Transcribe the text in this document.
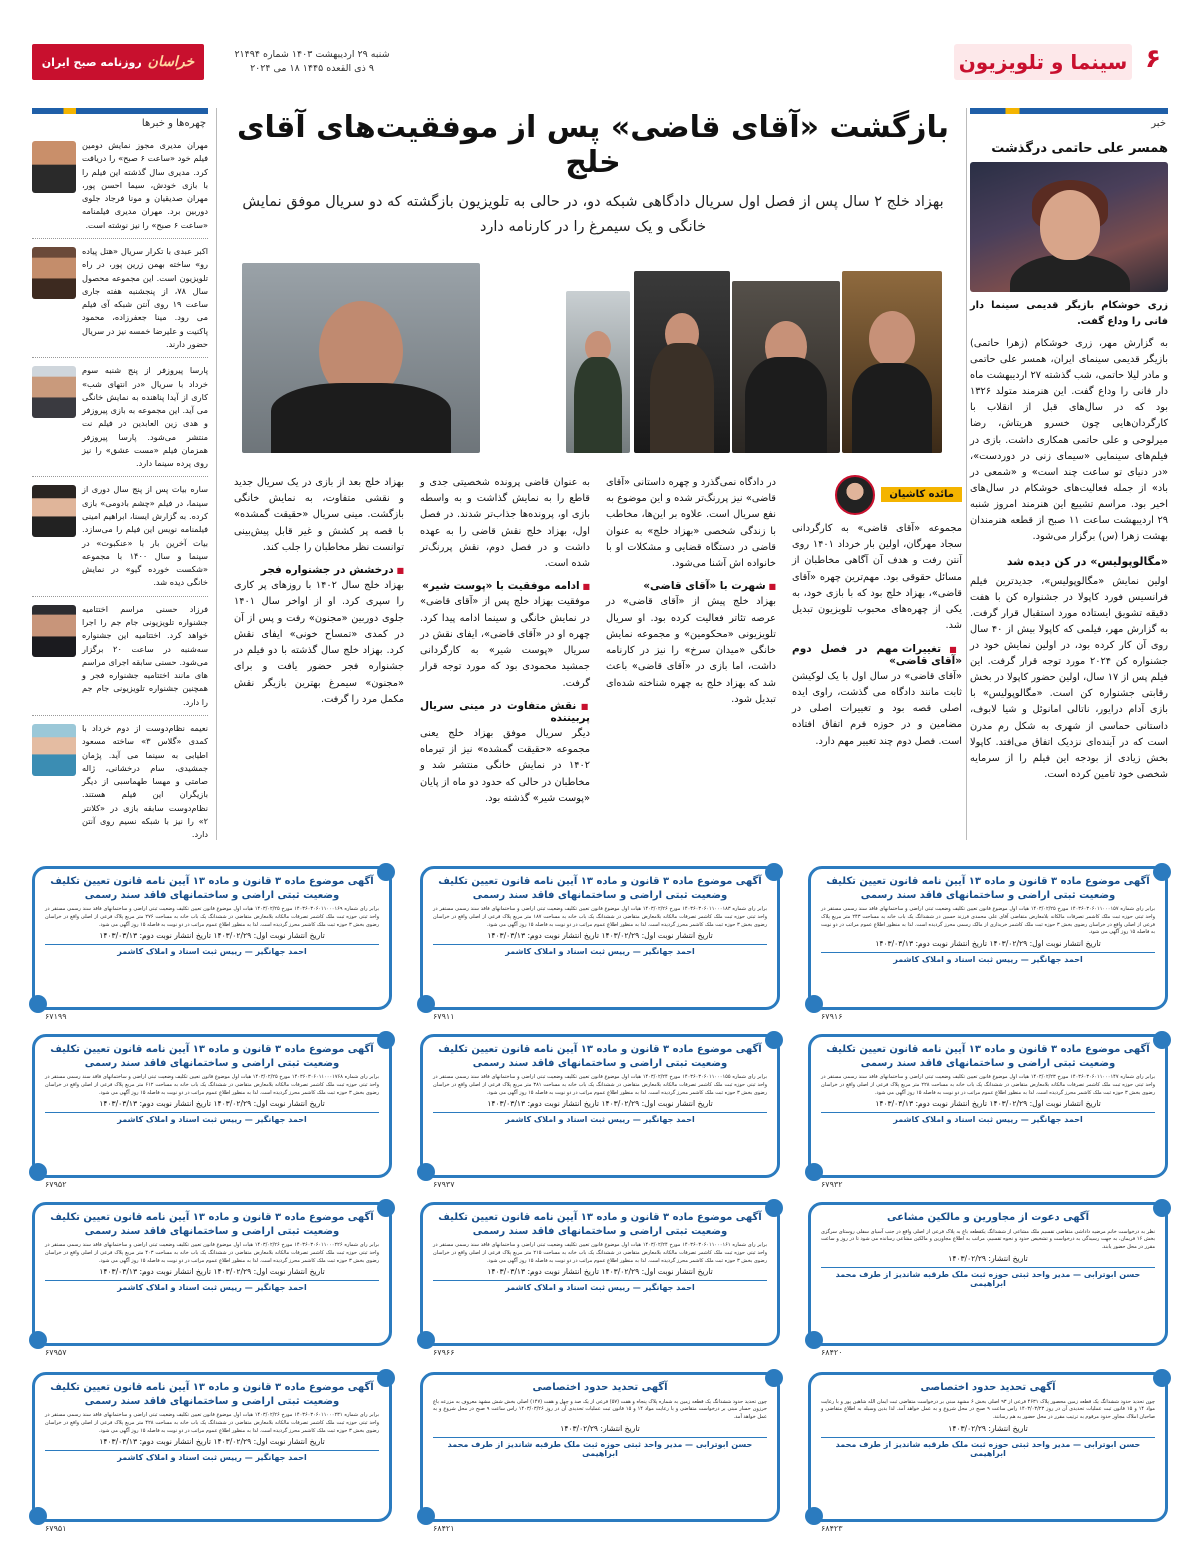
۶
سینما و تلویزیون
شنبه ۲۹ اردیبهشت ۱۴۰۳ شماره ۲۱۴۹۴
۹ ذی القعده ۱۴۴۵ ۱۸ می ۲۰۲۴
خراسان
روزنامه صبح ایران
چهره‌ها و خبرها

مهران مدیری مجوز نمایش دومین فیلم خود «ساعت ۶ صبح» را دریافت کرد. مدیری سال گذشته این فیلم را با بازی خودش، سیما احسن پور، مهران صدیقیان و مونا فرجاد جلوی دوربین برد. مهران مدیری فیلمنامه «ساعت ۶ صبح» را نیز نوشته است.

اکبر عبدی با تکرار سریال «هتل پیاده رو» ساخته بهمن زرین پور، در راه تلویزیون است. این مجموعه محصول سال ۷۸، از پنجشنبه هفته جاری ساعت ۱۹ روی آنتن شبکه آی فیلم می رود. مینا جعفرزاده، محمود پاکنیت و علیرضا خمسه نیز در سریال حضور دارند.

پارسا پیروزفر از پنج شنبه سوم خرداد با سریال «در انتهای شب» کاری از آیدا پناهنده به نمایش خانگی می آید. این مجموعه به بازی پیروزفر و هدی زین العابدین در فیلم نت منتشر می‌شود. پارسا پیروزفر همزمان فیلم «مست عشق» را نیز روی پرده سینما دارد.

ساره بیات پس از پنج سال دوری از سینما، در فیلم «چشم بادومی» بازی کرده. به گزارش ایسنا، ابراهیم امینی فیلمنامه نویس این فیلم را می‌سازد. بیات آخرین بار با «عنکبوت» در سینما و سال ۱۴۰۰ با مجموعه «شکست خورده گیو» در نمایش خانگی دیده شد.

فرزاد حسنی مراسم اختتامیه جشنواره تلویزیونی جام جم را اجرا خواهد کرد. اختتامیه این جشنواره سه‌شنبه در ساعت ۲۰ برگزار می‌شود. حسنی سابقه اجرای مراسم های مانند اختتامیه جشنواره فجر و همچنین جشنواره تلویزیونی جام جم را دارد.

نعیمه نظام‌دوست از دوم خرداد با کمدی «گلاس ۳» ساخته مسعود اطیابی به سینما می آید. پژمان جمشیدی، سام درخشانی، ژاله صامتی و مهسا طهماسبی از دیگر بازیگران این فیلم هستند. نظام‌دوست سابقه بازی در «کلانتر ۲» را نیز با شبکه نسیم روی آنتن دارد.

خبر
همسر علی حاتمی درگذشت
زری خوشکام بازیگر قدیمی سینما دار فانی را وداع گفت.
به گزارش مهر، زری خوشکام (زهرا حاتمی) بازیگر قدیمی سینمای ایران، همسر علی حاتمی و مادر لیلا حاتمی، شب گذشته ۲۷ اردیبهشت ماه دار فانی را وداع گفت. این هنرمند متولد ۱۳۲۶ بود که در سال‌های قبل از انقلاب با کارگردان‌هایی چون خسرو هریتاش، رضا میرلوحی و علی حاتمی همکاری داشت. بازی در فیلم‌های سینمایی «سیمای زنی در دوردست»، «در دنیای تو ساعت چند است» و «شمعی در باد» از جمله فعالیت‌های خوشکام در سال‌های اخیر بود. مراسم تشییع این هنرمند امروز شنبه ۲۹ اردیبهشت ساعت ۱۱ صبح از قطعه هنرمندان بهشت زهرا (س) برگزار می‌شود.
«مگالوپولیس» در کن دیده شد
اولین نمایش «مگالوپولیس»، جدیدترین فیلم فرانسیس فورد کاپولا در جشنواره کن با هفت دقیقه تشویق ایستاده مورد استقبال قرار گرفت. به گزارش مهر، فیلمی که کاپولا بیش از ۴۰ سال روی آن کار کرده بود، در اولین نمایش خود در جشنواره کن ۲۰۲۴ مورد توجه قرار گرفت. این فیلم پس از ۱۷ سال، اولین حضور کاپولا در بخش رقابتی جشنواره کن است. «مگالوپولیس» با بازی آدام درایور، ناتالی امانوئل و شیا لابوف، داستانی حماسی از شهری به شکل رم مدرن است که در آینده‌ای نزدیک اتفاق می‌افتد. کاپولا بخش زیادی از بودجه این فیلم را از سرمایه شخصی خود تامین کرده است.
بازگشت «آقای قاضی» پس از موفقیت‌های آقای خلج
بهزاد خلج ۲ سال پس از فصل اول سریال دادگاهی شبکه دو، در حالی به تلویزیون بازگشته که دو سریال موفق نمایش خانگی و یک سیمرغ را در کارنامه دارد
مائده کاشیان

مجموعه «آقای قاضی» به کارگردانی سجاد مهرگان، اولین بار خرداد ۱۴۰۱ روی آنتن رفت و هدف آن آگاهی مخاطبان از مسائل حقوقی بود. مهم‌ترین چهره «آقای قاضی»، بهزاد خلج بود که با بازی خود، به یکی از چهره‌های محبوب تلویزیون تبدیل شد.

■ تغییرات مهم در فصل دوم «آقای قاضی»

«آقای قاضی» در سال اول با یک لوکیشن ثابت مانند دادگاه می گذشت، راوی ایده اصلی قصه بود و تغییرات اصلی در مضامین و در حوزه فرم اتفاق افتاده است. فصل دوم چند تغییر مهم دارد.

در دادگاه نمی‌گذرد و چهره داستانی «آقای قاضی» نیز پررنگ‌تر شده و این موضوع به نفع سریال است. علاوه بر این‌ها، مخاطب با زندگی شخصی «بهزاد خلج» به عنوان قاضی در دستگاه قضایی و مشکلات او با خانواده اش آشنا می‌شود.

■ شهرت با «آقای قاضی»

بهزاد خلج پیش از «آقای قاضی» در عرصه تئاتر فعالیت کرده بود. او سریال تلویزیونی «محکومین» و مجموعه نمایش خانگی «میدان سرخ» را نیز در کارنامه داشت، اما بازی در «آقای قاضی» باعث شد که بهزاد خلج به چهره شناخته شده‌ای تبدیل شود.

به عنوان قاضی پرونده شخصیتی جدی و قاطع را به نمایش گذاشت و به واسطه بازی او، پرونده‌ها جذاب‌تر شدند. در فصل اول، بهزاد خلج نقش قاضی را به عهده داشت و در فصل دوم، نقش پررنگ‌تر شده است.

■ ادامه موفقیت با «پوست شیر»

موفقیت بهزاد خلج پس از «آقای قاضی» در نمایش خانگی و سینما ادامه پیدا کرد. چهره او در «آقای قاضی»، ایفای نقش در سریال «پوست شیر» به کارگردانی جمشید محمودی بود که مورد توجه قرار گرفت.

■ نقش متفاوت در مینی سریال پربیننده

دیگر سریال موفق بهزاد خلج یعنی مجموعه «حقیقت گمشده» نیز از تیرماه ۱۴۰۲ در نمایش خانگی منتشر شد و مخاطبان در حالی که حدود دو ماه از پایان «پوست شیر» گذشته بود.

بهزاد خلج بعد از بازی در یک سریال جدید و نقشی متفاوت، به نمایش خانگی بازگشت. مینی سریال «حقیقت گمشده» با قصه پر کشش و غیر قابل پیش‌بینی توانست نظر مخاطبان را جلب کند.

■ درخشش در جشنواره فجر

بهزاد خلج سال ۱۴۰۲ با روزهای پر کاری را سپری کرد. او از اواخر سال ۱۴۰۱ جلوی دوربین «مجنون» رفت و پس از آن در کمدی «تمساح خونی» ایفای نقش کرد. بهزاد خلج سال گذشته با دو فیلم در جشنواره فجر حضور یافت و برای «مجنون» سیمرغ بهترین بازیگر نقش مکمل مرد را گرفت.

آگهی موضوع ماده ۳ قانون و ماده ۱۳ آیین نامه قانون تعیین تکلیف وضعیت ثبتی اراضی و ساختمانهای فاقد سند رسمی
برابر رای شماره ۱۴۰۳۶۰۳۰۶۰۱۱۰۰۰۱۵۷ مورخ ۱۴۰۳/۰۲/۲۵ هیات اول موضوع قانون تعیین تکلیف وضعیت ثبتی اراضی و ساختمانهای فاقد سند رسمی مستقر در واحد ثبتی حوزه ثبت ملک کاشمر تصرفات مالکانه بلامعارض متقاضی آقای علی محمدی فرزند حسین در ششدانگ یک باب خانه به مساحت ۲۴۳ متر مربع پلاک فرعی از اصلی واقع در خراسان رضوی بخش ۳ حوزه ثبت ملک کاشمر خریداری از مالک رسمی محرز گردیده است. لذا به منظور اطلاع عموم مراتب در دو نوبت به فاصله ۱۵ روز آگهی می شود.
تاریخ انتشار نوبت اول: ۱۴۰۳/۰۲/۲۹ تاریخ انتشار نوبت دوم: ۱۴۰۳/۰۳/۱۳
احمد جهانگیر — رییس ثبت اسناد و املاک کاشمر
۶۷۹۱۶
آگهی موضوع ماده ۳ قانون و ماده ۱۳ آیین نامه قانون تعیین تکلیف وضعیت ثبتی اراضی و ساختمانهای فاقد سند رسمی
برابر رای شماره ۱۴۰۳۶۰۳۰۶۰۱۱۰۰۰۱۸۳ مورخ ۱۴۰۳/۰۲/۲۶ هیات اول موضوع قانون تعیین تکلیف وضعیت ثبتی اراضی و ساختمانهای فاقد سند رسمی مستقر در واحد ثبتی حوزه ثبت ملک کاشمر تصرفات مالکانه بلامعارض متقاضی در ششدانگ یک باب خانه به مساحت ۱۸۷ متر مربع پلاک فرعی از اصلی واقع در خراسان رضوی بخش ۳ حوزه ثبت ملک کاشمر محرز گردیده است. لذا به منظور اطلاع عموم مراتب در دو نوبت به فاصله ۱۵ روز آگهی می شود.
تاریخ انتشار نوبت اول: ۱۴۰۳/۰۲/۲۹ تاریخ انتشار نوبت دوم: ۱۴۰۳/۰۳/۱۳
احمد جهانگیر — رییس ثبت اسناد و املاک کاشمر
۶۷۹۱۱
آگهی موضوع ماده ۳ قانون و ماده ۱۳ آیین نامه قانون تعیین تکلیف وضعیت ثبتی اراضی و ساختمانهای فاقد سند رسمی
برابر رای شماره ۱۴۰۳۶۰۳۰۶۰۱۱۰۰۰۱۶۹ مورخ ۱۴۰۳/۰۲/۲۵ هیات اول موضوع قانون تعیین تکلیف وضعیت ثبتی اراضی و ساختمانهای فاقد سند رسمی مستقر در واحد ثبتی حوزه ثبت ملک کاشمر تصرفات مالکانه بلامعارض متقاضی در ششدانگ یک باب خانه به مساحت ۲۷۶ متر مربع پلاک فرعی از اصلی واقع در خراسان رضوی بخش ۳ حوزه ثبت ملک کاشمر محرز گردیده است. لذا به منظور اطلاع عموم مراتب در دو نوبت به فاصله ۱۵ روز آگهی می شود.
تاریخ انتشار نوبت اول: ۱۴۰۳/۰۲/۲۹ تاریخ انتشار نوبت دوم: ۱۴۰۳/۰۳/۱۳
احمد جهانگیر — رییس ثبت اسناد و املاک کاشمر
۶۷۱۹۹
آگهی موضوع ماده ۳ قانون و ماده ۱۳ آیین نامه قانون تعیین تکلیف وضعیت ثبتی اراضی و ساختمانهای فاقد سند رسمی
برابر رای شماره ۱۴۰۳۶۰۳۰۶۰۱۱۰۰۰۱۴۷ مورخ ۱۴۰۳/۰۲/۲۳ هیات اول موضوع قانون تعیین تکلیف وضعیت ثبتی اراضی و ساختمانهای فاقد سند رسمی مستقر در واحد ثبتی حوزه ثبت ملک کاشمر تصرفات مالکانه بلامعارض متقاضی در ششدانگ یک باب خانه به مساحت ۲۲۸ متر مربع پلاک فرعی از اصلی واقع در خراسان رضوی بخش ۳ حوزه ثبت ملک کاشمر محرز گردیده است. لذا به منظور اطلاع عموم مراتب در دو نوبت به فاصله ۱۵ روز آگهی می شود.
تاریخ انتشار نوبت اول: ۱۴۰۳/۰۲/۲۹ تاریخ انتشار نوبت دوم: ۱۴۰۳/۰۳/۱۳
احمد جهانگیر — رییس ثبت اسناد و املاک کاشمر
۶۷۹۳۲
آگهی موضوع ماده ۳ قانون و ماده ۱۳ آیین نامه قانون تعیین تکلیف وضعیت ثبتی اراضی و ساختمانهای فاقد سند رسمی
برابر رای شماره ۱۴۰۳۶۰۳۰۶۰۱۱۰۰۰۱۵۵ مورخ ۱۴۰۳/۰۲/۲۴ هیات اول موضوع قانون تعیین تکلیف وضعیت ثبتی اراضی و ساختمانهای فاقد سند رسمی مستقر در واحد ثبتی حوزه ثبت ملک کاشمر تصرفات مالکانه بلامعارض متقاضی در ششدانگ یک باب خانه به مساحت ۳۸۱ متر مربع پلاک فرعی از اصلی واقع در خراسان رضوی بخش ۳ حوزه ثبت ملک کاشمر محرز گردیده است. لذا به منظور اطلاع عموم مراتب در دو نوبت به فاصله ۱۵ روز آگهی می شود.
تاریخ انتشار نوبت اول: ۱۴۰۳/۰۲/۲۹ تاریخ انتشار نوبت دوم: ۱۴۰۳/۰۳/۱۳
احمد جهانگیر — رییس ثبت اسناد و املاک کاشمر
۶۷۹۳۷
آگهی موضوع ماده ۳ قانون و ماده ۱۳ آیین نامه قانون تعیین تکلیف وضعیت ثبتی اراضی و ساختمانهای فاقد سند رسمی
برابر رای شماره ۱۴۰۳۶۰۳۰۶۰۱۱۰۰۰۱۷۶۸ مورخ ۱۴۰۳/۰۲/۲۵ هیات اول موضوع قانون تعیین تکلیف وضعیت ثبتی اراضی و ساختمانهای فاقد سند رسمی مستقر در واحد ثبتی حوزه ثبت ملک کاشمر تصرفات مالکانه بلامعارض متقاضی در ششدانگ یک باب خانه به مساحت ۶۱۲ متر مربع پلاک فرعی از اصلی واقع در خراسان رضوی بخش ۳ حوزه ثبت ملک کاشمر محرز گردیده است. لذا به منظور اطلاع عموم مراتب در دو نوبت به فاصله ۱۵ روز آگهی می شود.
تاریخ انتشار نوبت اول: ۱۴۰۳/۰۲/۲۹ تاریخ انتشار نوبت دوم: ۱۴۰۳/۰۳/۱۳
احمد جهانگیر — رییس ثبت اسناد و املاک کاشمر
۶۷۹۵۲
آگهی دعوت از مجاورین و مالکین مشاعی
نظر به درخواست خانم مرضیه داداشی متقاضی تقسیم ملک مشاعی از ششدانگ یکقطعه باغ به پلاک فرعی از اصلی واقع در جنب آسیای سفلی روستای سرگزی بخش ۱۶ فریمان، به جهت رسیدگی به درخواست و تشخیص حدود و نحوه تقسیم، مراتب به اطلاع مجاورین و مالکین مشاعی رسانده می شود تا در روز و ساعت مقرر در محل حضور یابند.
تاریخ انتشار: ۱۴۰۳/۰۲/۲۹
حسن ابوترابی — مدیر واحد ثبتی حوزه ثبت ملک طرقبه شاندیز از طرف محمد ابراهیمی
۶۸۴۲۰
آگهی موضوع ماده ۳ قانون و ماده ۱۳ آیین نامه قانون تعیین تکلیف وضعیت ثبتی اراضی و ساختمانهای فاقد سند رسمی
برابر رای شماره ۱۴۰۳۶۰۳۰۶۰۱۱۰۰۰۱۶۱ مورخ ۱۴۰۳/۰۲/۲۴ هیات اول موضوع قانون تعیین تکلیف وضعیت ثبتی اراضی و ساختمانهای فاقد سند رسمی مستقر در واحد ثبتی حوزه ثبت ملک کاشمر تصرفات مالکانه بلامعارض متقاضی در ششدانگ یک باب خانه به مساحت ۲۱۵ متر مربع پلاک فرعی از اصلی واقع در خراسان رضوی بخش ۳ حوزه ثبت ملک کاشمر محرز گردیده است. لذا به منظور اطلاع عموم مراتب در دو نوبت به فاصله ۱۵ روز آگهی می شود.
تاریخ انتشار نوبت اول: ۱۴۰۳/۰۲/۲۹ تاریخ انتشار نوبت دوم: ۱۴۰۳/۰۳/۱۳
احمد جهانگیر — رییس ثبت اسناد و املاک کاشمر
۶۷۹۶۶
آگهی موضوع ماده ۳ قانون و ماده ۱۳ آیین نامه قانون تعیین تکلیف وضعیت ثبتی اراضی و ساختمانهای فاقد سند رسمی
برابر رای شماره ۱۴۰۳۶۰۳۰۶۰۱۱۰۰۰۲۲۶ مورخ ۱۴۰۳/۰۲/۲۶ هیات اول موضوع قانون تعیین تکلیف وضعیت ثبتی اراضی و ساختمانهای فاقد سند رسمی مستقر در واحد ثبتی حوزه ثبت ملک کاشمر تصرفات مالکانه بلامعارض متقاضی در ششدانگ یک باب خانه به مساحت ۴۰۳ متر مربع پلاک فرعی از اصلی واقع در خراسان رضوی بخش ۳ حوزه ثبت ملک کاشمر محرز گردیده است. لذا به منظور اطلاع عموم مراتب در دو نوبت به فاصله ۱۵ روز آگهی می شود.
تاریخ انتشار نوبت اول: ۱۴۰۳/۰۲/۲۹ تاریخ انتشار نوبت دوم: ۱۴۰۳/۰۳/۱۳
احمد جهانگیر — رییس ثبت اسناد و املاک کاشمر
۶۷۹۵۷
آگهی تحدید حدود اختصاصی
چون تحدید حدود ششدانگ یک قطعه زمین محصور پلاک ۴۶۳۱ فرعی از ۹۳ اصلی بخش ۶ مشهد مبنی بر درخواست متقاضی ثبت ایمان الله شاهین پور و با رعایت مواد ۱۴ و ۱۵ قانون ثبت عملیات تحدیدی آن در روز ۱۴۰۳/۰۳/۲۳ راس ساعت ۹ صبح در محل شروع و به عمل خواهد آمد. لذا بدین وسیله به اطلاع متقاضی و صاحبان املاک مجاور حدود مرقوم به ترتیب مقرر در محل حضور به هم رسانند.
تاریخ انتشار: ۱۴۰۳/۰۲/۲۹
حسن ابوترابی — مدیر واحد ثبتی حوزه ثبت ملک طرقبه شاندیز از طرف محمد ابراهیمی
۶۸۴۲۳
آگهی تحدید حدود اختصاصی
چون تحدید حدود ششدانگ یک قطعه زمین به شماره پلاک پنجاه و هفت (۵۷) فرعی از یک صد و چهل و هفت (۱۴۷) اصلی بخش شش مشهد معروف به مزرعه باغ حرزون حسار مبنی بر درخواست متقاضی و با رعایت مواد ۱۴ و ۱۵ قانون ثبت عملیات تحدیدی آن در روز ۱۴۰۳/۰۳/۲۶ راس ساعت ۹ صبح در محل شروع و به عمل خواهد آمد.
تاریخ انتشار: ۱۴۰۳/۰۲/۲۹
حسن ابوترابی — مدیر واحد ثبتی حوزه ثبت ملک طرقبه شاندیز از طرف محمد ابراهیمی
۶۸۴۲۱
آگهی موضوع ماده ۳ قانون و ماده ۱۳ آیین نامه قانون تعیین تکلیف وضعیت ثبتی اراضی و ساختمانهای فاقد سند رسمی
برابر رای شماره ۱۴۰۳۶۰۳۰۶۰۱۱۰۰۰۲۳۱ مورخ ۱۴۰۳/۰۲/۲۶ هیات اول موضوع قانون تعیین تکلیف وضعیت ثبتی اراضی و ساختمانهای فاقد سند رسمی مستقر در واحد ثبتی حوزه ثبت ملک کاشمر تصرفات مالکانه بلامعارض متقاضی در ششدانگ یک باب خانه به مساحت ۴۲۸ متر مربع پلاک فرعی از اصلی واقع در خراسان رضوی بخش ۳ حوزه ثبت ملک کاشمر محرز گردیده است. لذا به منظور اطلاع عموم مراتب در دو نوبت به فاصله ۱۵ روز آگهی می شود.
تاریخ انتشار نوبت اول: ۱۴۰۳/۰۲/۲۹ تاریخ انتشار نوبت دوم: ۱۴۰۳/۰۳/۱۳
احمد جهانگیر — رییس ثبت اسناد و املاک کاشمر
۶۷۹۵۱
